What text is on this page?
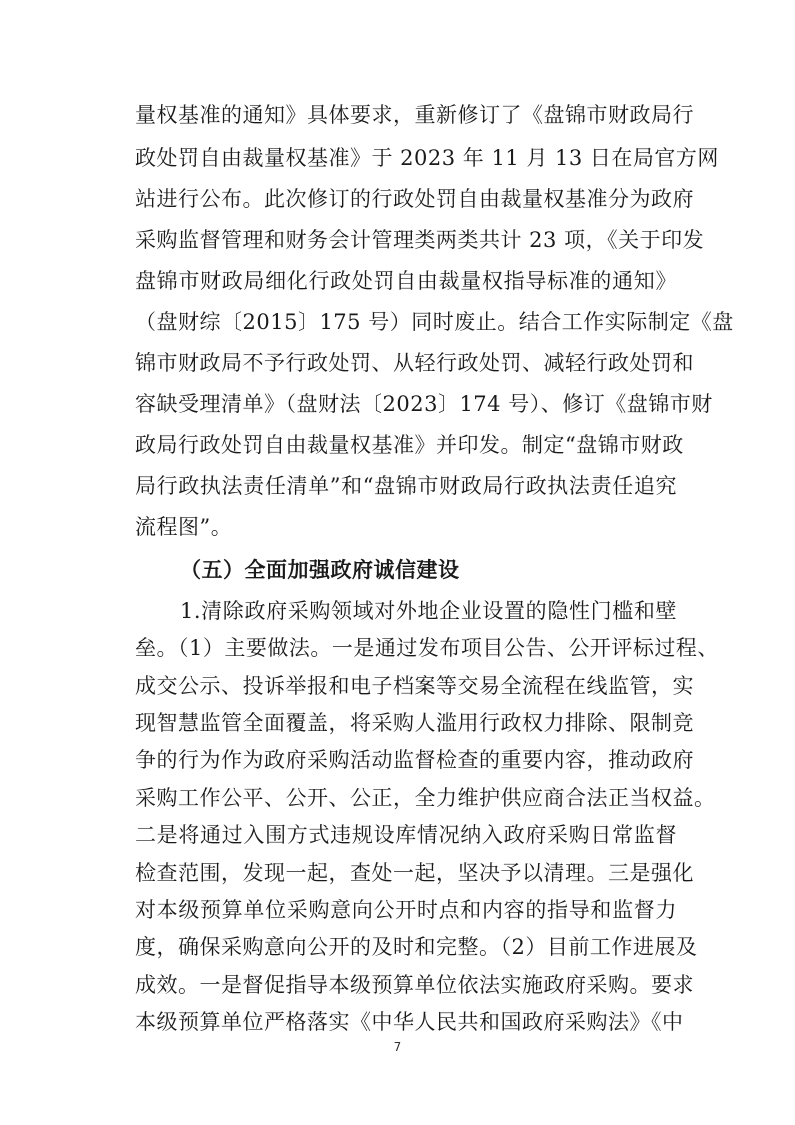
量权基准的通知》具体要求，重新修订了《盘锦市财政局行
政处罚自由裁量权基准》于 2023 年 11 月 13 日在局官方网
站进行公布。此次修订的行政处罚自由裁量权基准分为政府
采购监督管理和财务会计管理类两类共计 23 项，《关于印发
盘锦市财政局细化行政处罚自由裁量权指导标准的通知》
（盘财综〔2015〕175 号）同时废止。结合工作实际制定《盘
锦市财政局不予行政处罚、从轻行政处罚、减轻行政处罚和
容缺受理清单》（盘财法〔2023〕174 号）、修订《盘锦市财
政局行政处罚自由裁量权基准》并印发。制定“盘锦市财政
局行政执法责任清单”和“盘锦市财政局行政执法责任追究
流程图”。
（五）全面加强政府诚信建设
1.清除政府采购领域对外地企业设置的隐性门槛和壁
垒。（1）主要做法。一是通过发布项目公告、公开评标过程、
成交公示、投诉举报和电子档案等交易全流程在线监管，实
现智慧监管全面覆盖，将采购人滥用行政权力排除、限制竞
争的行为作为政府采购活动监督检查的重要内容，推动政府
采购工作公平、公开、公正，全力维护供应商合法正当权益。
二是将通过入围方式违规设库情况纳入政府采购日常监督
检查范围，发现一起，查处一起，坚决予以清理。三是强化
对本级预算单位采购意向公开时点和内容的指导和监督力
度，确保采购意向公开的及时和完整。（2）目前工作进展及
成效。一是督促指导本级预算单位依法实施政府采购。要求
7
本级预算单位严格落实《中华人民共和国政府采购法》《中
